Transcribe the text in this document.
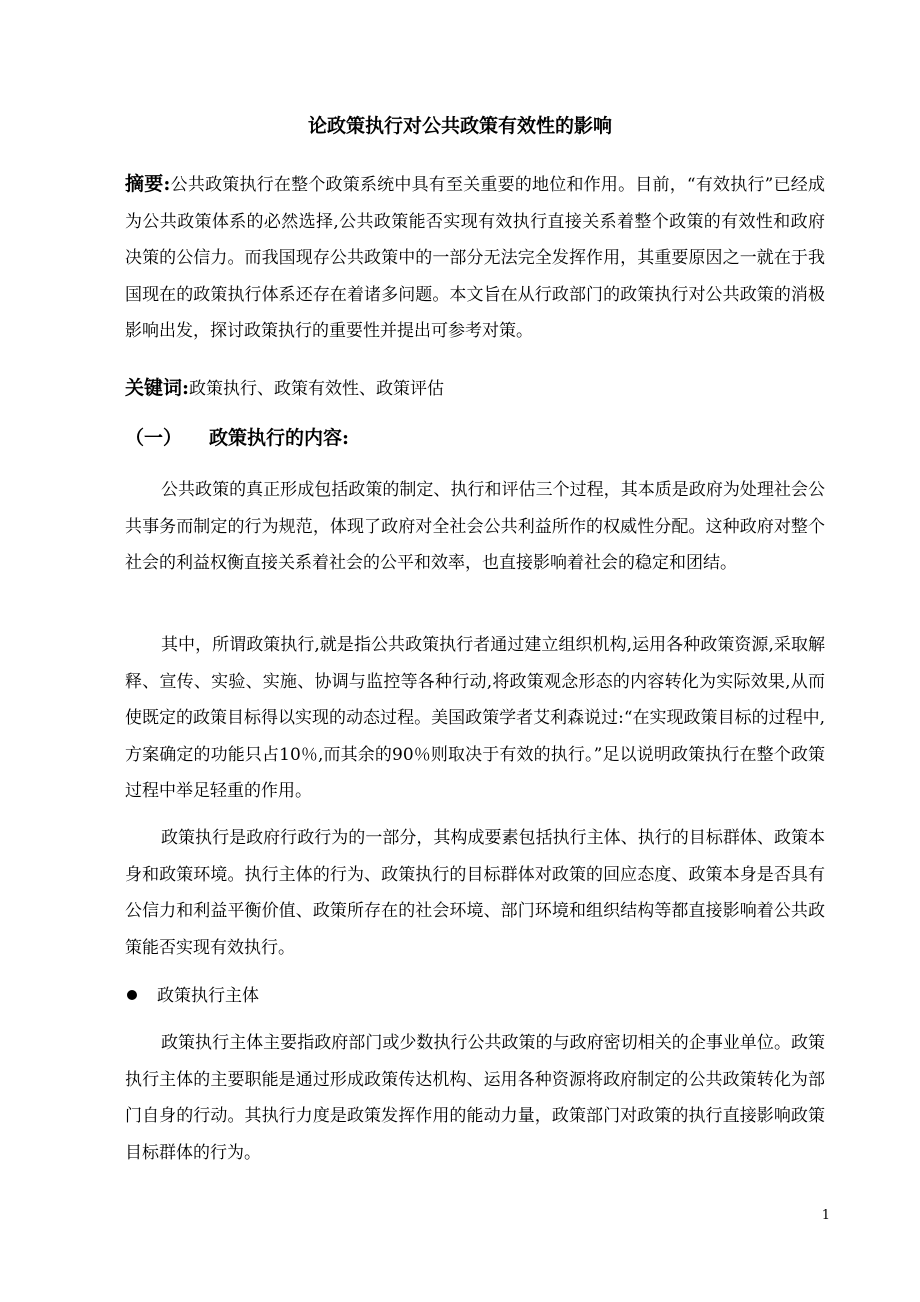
论政策执行对公共政策有效性的影响

摘要:公共政策执行在整个政策系统中具有至关重要的地位和作用。目前，“有效执行”已经成为公共政策体系的必然选择,公共政策能否实现有效执行直接关系着整个政策的有效性和政府决策的公信力。而我国现存公共政策中的一部分无法完全发挥作用，其重要原因之一就在于我国现在的政策执行体系还存在着诸多问题。本文旨在从行政部门的政策执行对公共政策的消极影响出发，探讨政策执行的重要性并提出可参考对策。

关键词:政策执行、政策有效性、政策评估

（一） 政策执行的内容:

公共政策的真正形成包括政策的制定、执行和评估三个过程，其本质是政府为处理社会公共事务而制定的行为规范，体现了政府对全社会公共利益所作的权威性分配。这种政府对整个社会的利益权衡直接关系着社会的公平和效率，也直接影响着社会的稳定和团结。

其中，所谓政策执行,就是指公共政策执行者通过建立组织机构,运用各种政策资源,采取解释、宣传、实验、实施、协调与监控等各种行动,将政策观念形态的内容转化为实际效果,从而使既定的政策目标得以实现的动态过程。美国政策学者艾利森说过:“在实现政策目标的过程中,方案确定的功能只占10％,而其余的90％则取决于有效的执行。”足以说明政策执行在整个政策过程中举足轻重的作用。

政策执行是政府行政行为的一部分，其构成要素包括执行主体、执行的目标群体、政策本身和政策环境。执行主体的行为、政策执行的目标群体对政策的回应态度、政策本身是否具有公信力和利益平衡价值、政策所存在的社会环境、部门环境和组织结构等都直接影响着公共政策能否实现有效执行。

政策执行主体

政策执行主体主要指政府部门或少数执行公共政策的与政府密切相关的企事业单位。政策执行主体的主要职能是通过形成政策传达机构、运用各种资源将政府制定的公共政策转化为部门自身的行动。其执行力度是政策发挥作用的能动力量，政策部门对政策的执行直接影响政策目标群体的行为。

1
